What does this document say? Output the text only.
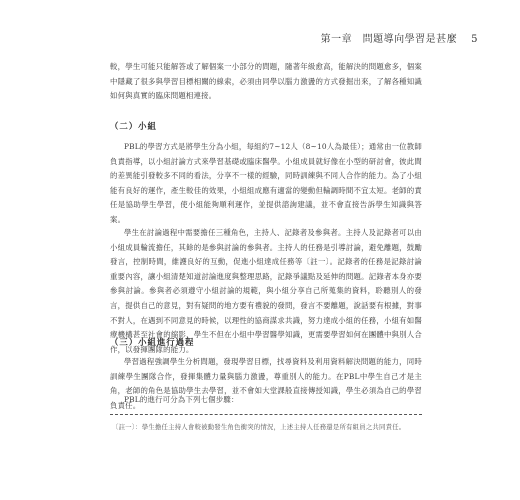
第一章　問題導向學習是甚麼 5

較，學生可能只能解答或了解個案一小部分的問題，隨著年級愈高，能解決的問題愈多，個案中隱藏了很多與學習目標相關的線索，必須由同學以腦力激盪的方式發掘出來，了解各種知識如何與真實的臨床問題相連接。

（二）小組

PBL的學習方式是將學生分為小組，每組約7~12人（8~10人為最佳）；通常由一位教師負責指導，以小組討論方式來學習基礎或臨床醫學。小組成員就好像在小型的研討會，彼此間的差異能引發較多不同的看法，分享不一樣的經驗，同時訓練與不同人合作的能力。為了小組能有良好的運作，產生較佳的效果，小組組成應有適當的變動但輪調時間不宜太短。老師的責任是協助學生學習，使小組能夠順利運作，並提供諮詢建議，並不會直接告訴學生知識與答案。

學生在討論過程中需要擔任三種角色，主持人、記錄者及參與者。主持人及記錄者可以由小組成員輪流擔任，其餘的是參與討論的參與者。主持人的任務是引導討論，避免離題，鼓勵發言，控制時間，維護良好的互動，促進小組達成任務等〔註一〕。記錄者的任務是記錄討論重要內容，讓小組清楚知道討論進度與整理思路，記錄爭議點及延伸的問題。記錄者本身亦要參與討論。參與者必須遵守小組討論的規範，與小組分享自己所蒐集的資料，聆聽別人的發言，提供自己的意見，對有疑問的地方要有禮貌的發問，發言不要離題，說話要有根據，對事不對人，在遇到不同意見的時候，以理性的協商謀求共識，努力達成小組的任務，小組有如醫療機構甚至社會的縮影，學生不但在小組中學習醫學知識，更需要學習如何在團體中與別人合作，以發揮團隊的能力。

（三）小組進行過程

學習過程強調學生分析問題，發現學習目標，找尋資料及利用資料解決問題的能力，同時訓練學生團隊合作，發揮集體力量與腦力激盪，尊重別人的能力。在PBL中學生自己才是主角，老師的角色是協助學生去學習，並不會如大堂課般直接傳授知識，學生必須為自己的學習負責任。

PBL的進行可分為下列七個步驟：

〔註一〕：學生擔任主持人會較被動發生角色衝突的情況，上述主持人任務還是所有組員之共同責任。
